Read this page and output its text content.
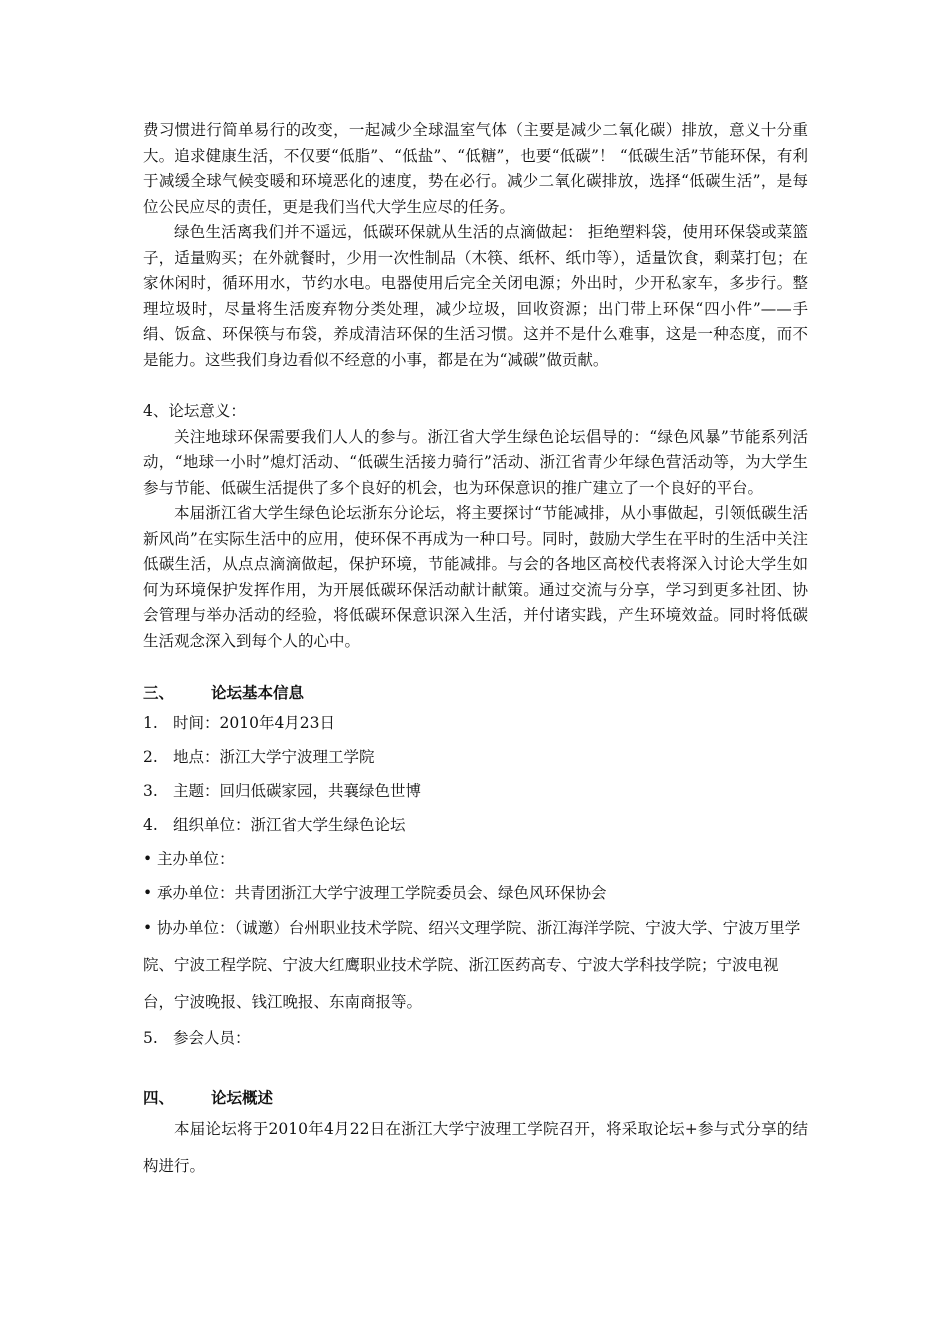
费习惯进行简单易行的改变，一起减少全球温室气体（主要是减少二氧化碳）排放，意义十分重大。追求健康生活，不仅要“低脂”、“低盐”、“低糖”，也要“低碳”！ “低碳生活”节能环保，有利于减缓全球气候变暖和环境恶化的速度，势在必行。减少二氧化碳排放，选择“低碳生活”，是每位公民应尽的责任，更是我们当代大学生应尽的任务。

绿色生活离我们并不遥远，低碳环保就从生活的点滴做起： 拒绝塑料袋，使用环保袋或菜篮子，适量购买；在外就餐时，少用一次性制品（木筷、纸杯、纸巾等），适量饮食，剩菜打包；在家休闲时，循环用水，节约水电。电器使用后完全关闭电源；外出时，少开私家车，多步行。整理垃圾时，尽量将生活废弃物分类处理，减少垃圾，回收资源；出门带上环保“四小件”——手绢、饭盒、环保筷与布袋，养成清洁环保的生活习惯。这并不是什么难事，这是一种态度，而不是能力。这些我们身边看似不经意的小事，都是在为“减碳”做贡献。

4、论坛意义：

关注地球环保需要我们人人的参与。浙江省大学生绿色论坛倡导的：“绿色风暴”节能系列活动，“地球一小时”熄灯活动、“低碳生活接力骑行”活动、浙江省青少年绿色营活动等，为大学生参与节能、低碳生活提供了多个良好的机会，也为环保意识的推广建立了一个良好的平台。

本届浙江省大学生绿色论坛浙东分论坛，将主要探讨“节能减排，从小事做起，引领低碳生活新风尚”在实际生活中的应用，使环保不再成为一种口号。同时，鼓励大学生在平时的生活中关注低碳生活，从点点滴滴做起，保护环境，节能减排。与会的各地区高校代表将深入讨论大学生如何为环境保护发挥作用，为开展低碳环保活动献计献策。通过交流与分享，学习到更多社团、协会管理与举办活动的经验，将低碳环保意识深入生活，并付诸实践，产生环境效益。同时将低碳生活观念深入到每个人的心中。

三、	论坛基本信息

1. 时间：2010年4月23日

2. 地点：浙江大学宁波理工学院

3. 主题：回归低碳家园，共襄绿色世博

4. 组织单位：浙江省大学生绿色论坛

• 主办单位：

• 承办单位：共青团浙江大学宁波理工学院委员会、绿色风环保协会

• 协办单位：（诚邀）台州职业技术学院、绍兴文理学院、浙江海洋学院、宁波大学、宁波万里学院、宁波工程学院、宁波大红鹰职业技术学院、浙江医药高专、宁波大学科技学院；宁波电视台，宁波晚报、钱江晚报、东南商报等。

5. 参会人员：

四、	论坛概述

本届论坛将于2010年4月22日在浙江大学宁波理工学院召开，将采取论坛+参与式分享的结构进行。
